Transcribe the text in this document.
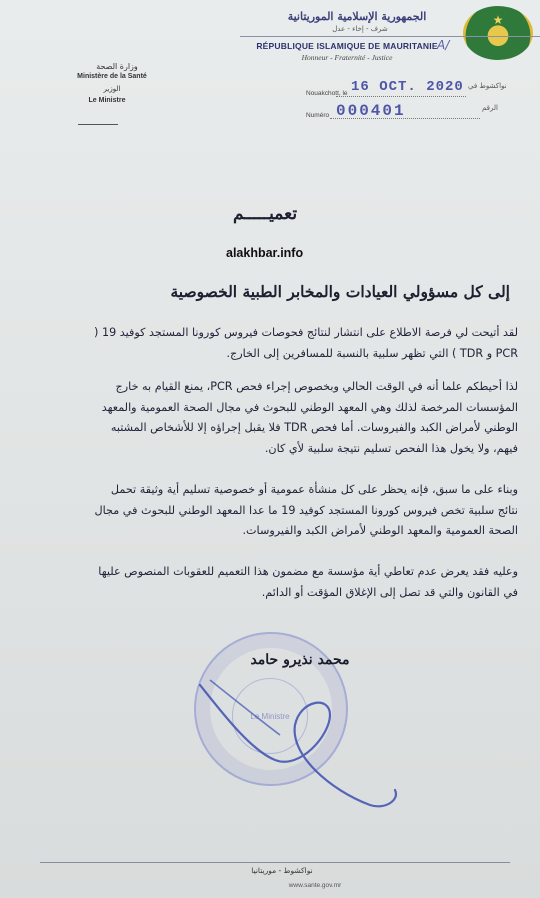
★
الجمهورية الإسلامية الموريتانية
شرف - إخاء - عدل
RÉPUBLIQUE ISLAMIQUE DE MAURITANIE
Honneur - Fraternité - Justice
A/
وزارة الصحة
Ministère de la Santé
الوزير
Le Ministre
Nouakchott, le 16 OCT. 2020 نواكشوط في
Numéro 000401	الرقم
تعميـــــم
alakhbar.info
إلى كل مسؤولي العيادات والمخابر الطبية الخصوصية
لقد أتيحت لي فرصة الاطلاع على انتشار لنتائج فحوصات فيروس كورونا المستجد كوفيد 19 ( PCR و TDR ) التي تظهر سلبية بالنسبة للمسافرين إلى الخارج.
لذا أحيطكم علما أنه في الوقت الحالي وبخصوص إجراء فحص PCR، يمنع القيام به خارج المؤسسات المرخصة لذلك وهي المعهد الوطني للبحوث في مجال الصحة العمومية والمعهد الوطني لأمراض الكبد والفيروسات. أما فحص TDR فلا يقبل إجراؤه إلا للأشخاص المشتبه فيهم، ولا يخول هذا الفحص تسليم نتيجة سلبية لأي كان.
وبناء على ما سبق، فإنه يحظر على كل منشأة عمومية أو خصوصية تسليم أية وثيقة تحمل نتائج سلبية تخص فيروس كورونا المستجد كوفيد 19 ما عدا المعهد الوطني للبحوث في مجال الصحة العمومية والمعهد الوطني لأمراض الكبد والفيروسات.
وعليه فقد يعرض عدم تعاطي أية مؤسسة مع مضمون هذا التعميم للعقوبات المنصوص عليها في القانون والتي قد تصل إلى الإغلاق المؤقت أو الدائم.
Le Ministre
محمد نذيرو حامد
نواكشوط - موريتانيا
www.sante.gov.mr
